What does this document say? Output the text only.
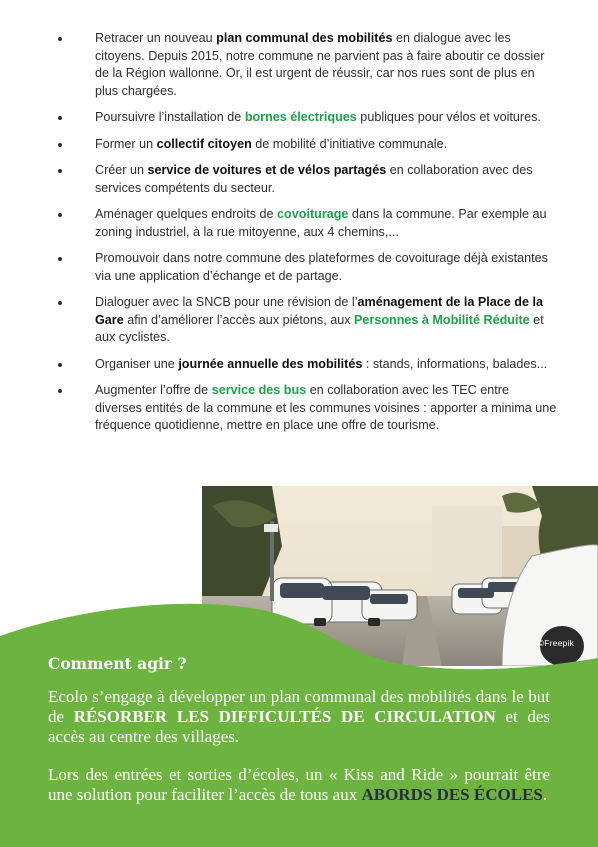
Retracer un nouveau plan communal des mobilités en dialogue avec les citoyens. Depuis 2015, notre commune ne parvient pas à faire aboutir ce dossier de la Région wallonne. Or, il est urgent de réussir, car nos rues sont de plus en plus chargées.
Poursuivre l’installation de bornes électriques publiques pour vélos et voitures.
Former un collectif citoyen de mobilité d’initiative communale.
Créer un service de voitures et de vélos partagés en collaboration avec des services compétents du secteur.
Aménager quelques endroits de covoiturage dans la commune. Par exemple au zoning industriel, à la rue mitoyenne, aux 4 chemins,...
Promouvoir dans notre commune des plateformes de covoiturage déjà existantes via une application d’échange et de partage.
Dialoguer avec la SNCB pour une révision de l’aménagement de la Place de la Gare afin d’améliorer l’accès aux piétons, aux Personnes à Mobilité Réduite et aux cyclistes.
Organiser une journée annuelle des mobilités : stands, informations, balades...
Augmenter l’offre de service des bus en collaboration avec les TEC entre diverses entités de la commune et les communes voisines : apporter a minima une fréquence quotidienne, mettre en place une offre de tourisme.
©Freepik
Comment agir ?

Ecolo s’engage à développer un plan communal des mobilités dans le but de RÉSORBER LES DIFFICULTÉS DE CIRCULATION et des accès au centre des villages.

Lors des entrées et sorties d’écoles, un « Kiss and Ride » pourrait être une solution pour faciliter l’accès de tous aux ABORDS DES ÉCOLES.
